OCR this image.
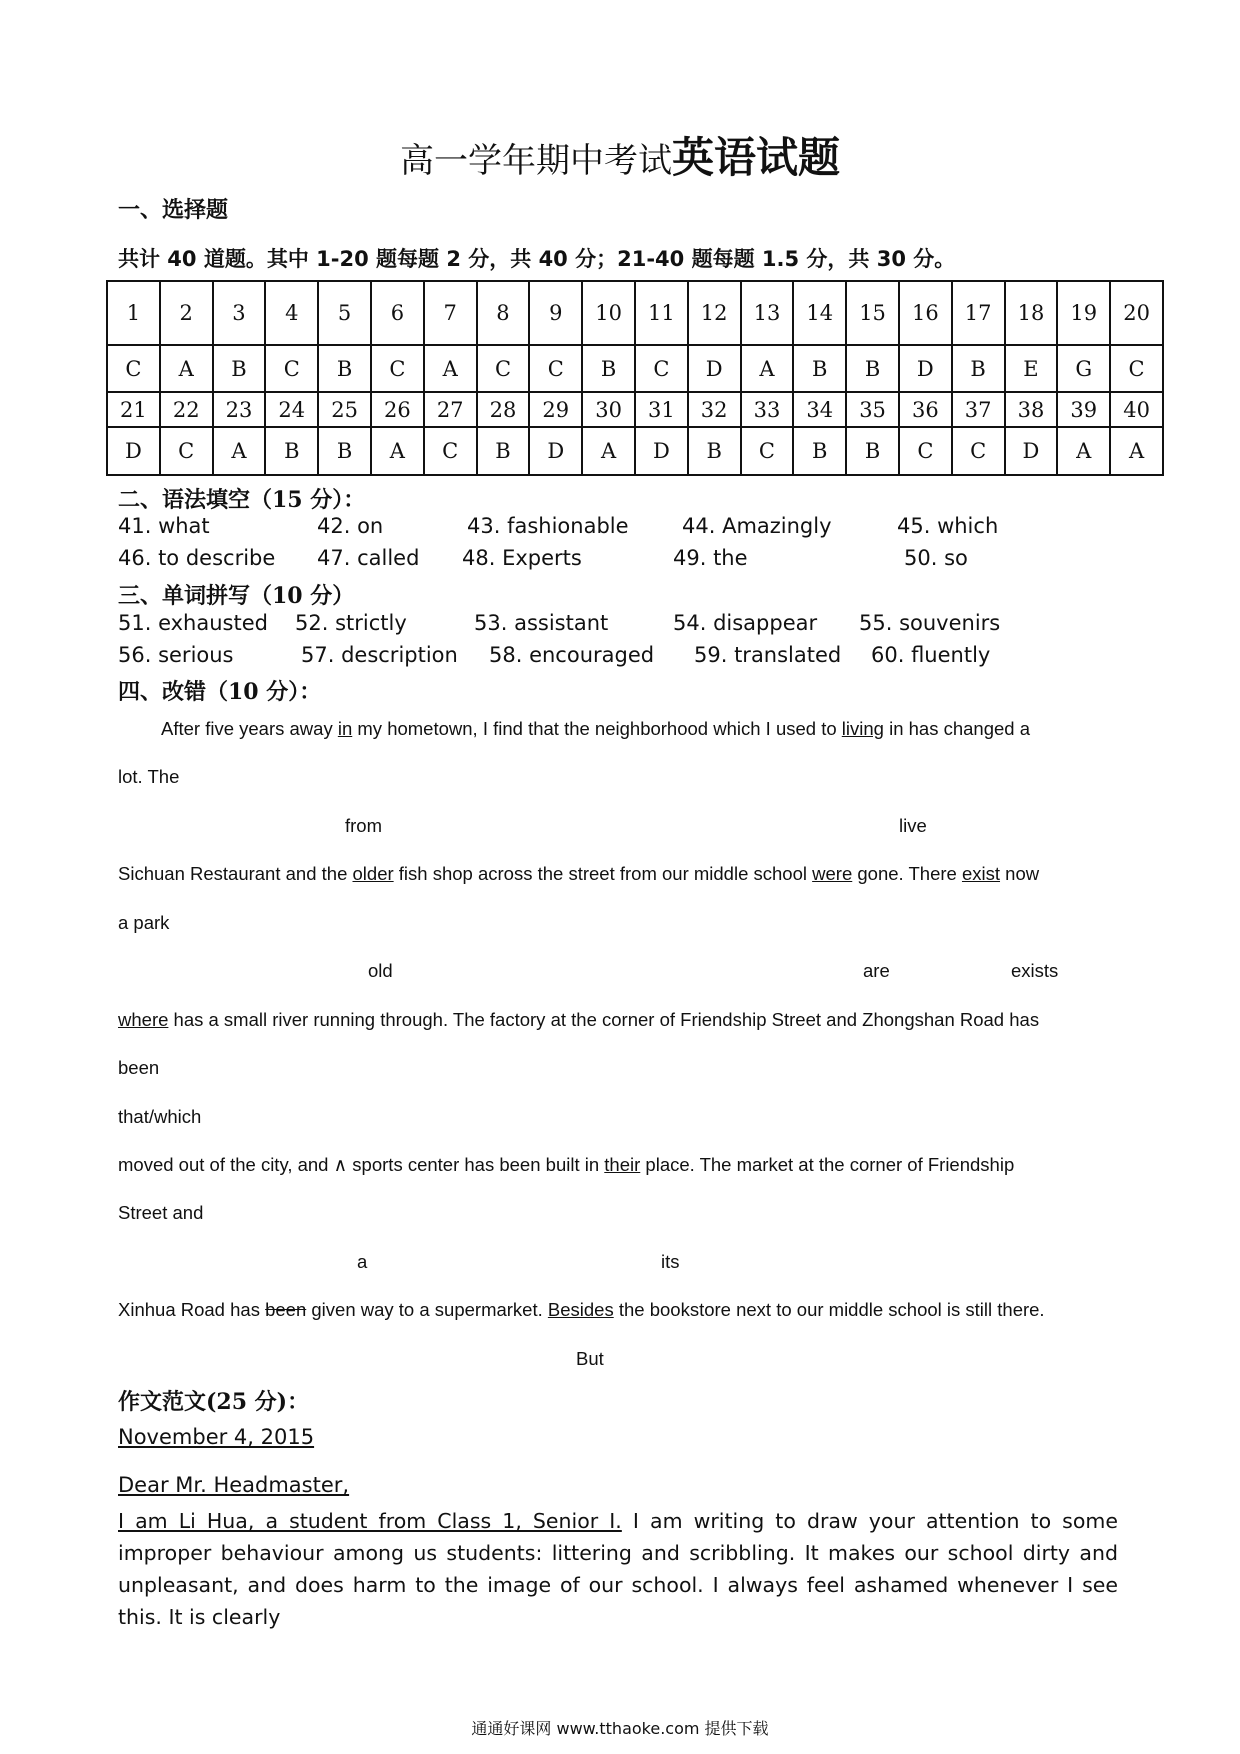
高一学年期中考试英语试题
一、选择题
共计 40 道题。其中 1-20 题每题 2 分，共 40 分；21-40 题每题 1.5 分，共 30 分。
1	2	3	4	5	6	7	8	9	10	11	12	13	14	15	16	17	18	19	20
C	A	B	C	B	C	A	C	C	B	C	D	A	B	B	D	B	E	G	C
21	22	23	24	25	26	27	28	29	30	31	32	33	34	35	36	37	38	39	40
D	C	A	B	B	A	C	B	D	A	D	B	C	B	B	C	C	D	A	A
二、语法填空（15 分）：
41. what	42. on	43. fashionable	44. Amazingly	45. which
46. to describe 47. called 48. Experts	49. the	50. so
三、单词拼写（10 分）
51. exhausted 52. strictly	53. assistant	54. disappear 55. souvenirs
56. serious	57. description 58. encouraged 59. translated 60. fluently
四、改错（10 分）：
After five years away in my hometown, I find that the neighborhood which I used to living in has changed a
lot. The
from	live
Sichuan Restaurant and the older fish shop across the street from our middle school were gone. There exist now
a park
old	are	exists
where has a small river running through. The factory at the corner of Friendship Street and Zhongshan Road has
been
that/which
moved out of the city, and ∧ sports center has been built in their place. The market at the corner of Friendship
Street and
a	its
Xinhua Road has been given way to a supermarket. Besides the bookstore next to our middle school is still there.
But
作文范文(25 分)：
November 4, 2015
Dear Mr. Headmaster,
I am Li Hua, a student from Class 1, Senior I. I am writing to draw your attention to some improper behaviour among us students: littering and scribbling. It makes our school dirty and unpleasant, and does harm to the image of our school. I always feel ashamed whenever I see this. It is clearly
通通好课网 www.tthaoke.com 提供下载
